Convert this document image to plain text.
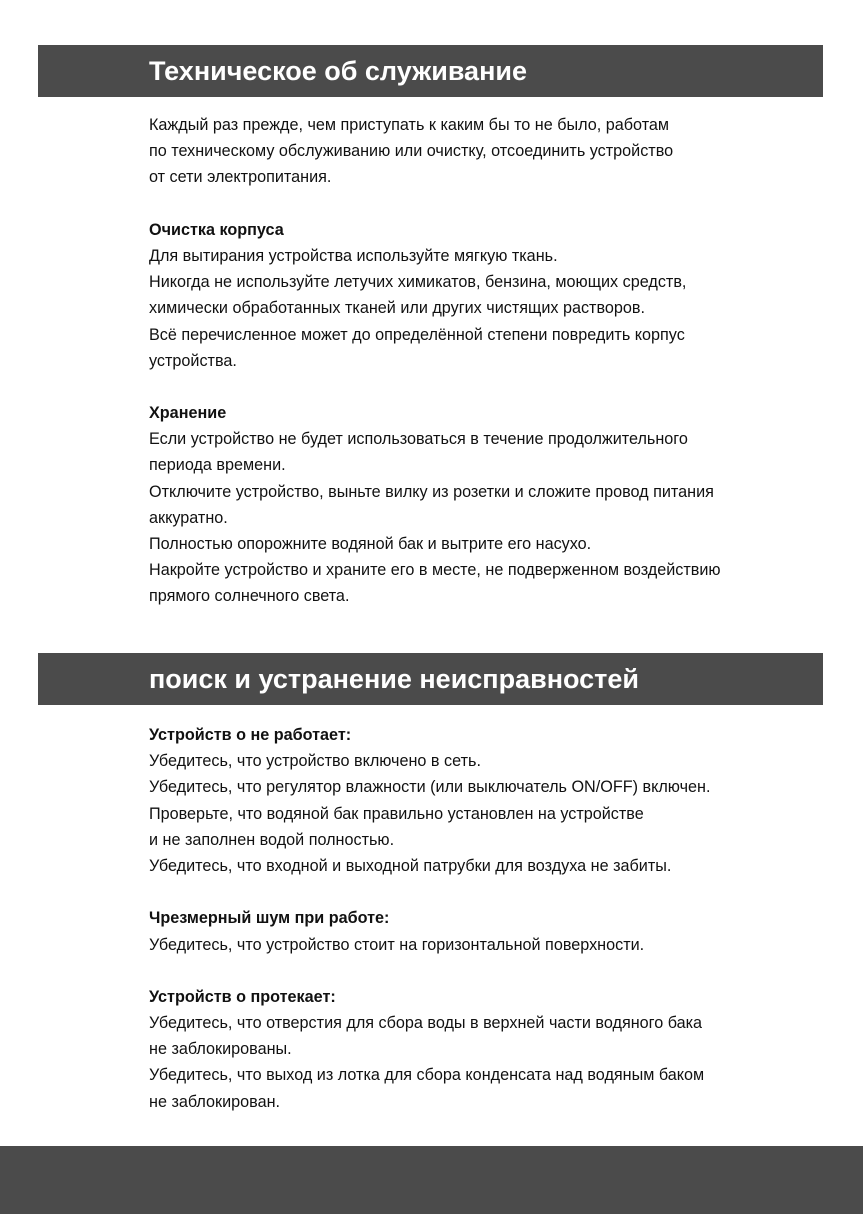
Техническое об служивание
Каждый раз прежде, чем приступать к каким бы то не было, работам
по техническому обслуживанию или очистку, отсоединить устройство
от сети электропитания.
Очистка корпуса
Для вытирания устройства используйте мягкую ткань.
Никогда не используйте летучих химикатов, бензина, моющих средств,
химически обработанных тканей или других чистящих растворов.
Всё перечисленное может до определённой степени повредить корпус
устройства.
Хранение
Если устройство не будет использоваться в течение продолжительного
периода времени.
Отключите устройство, выньте вилку из розетки и сложите провод питания
аккуратно.
Полностью опорожните водяной бак и вытрите его насухо.
Накройте устройство и храните его в месте, не подверженном воздействию
прямого солнечного света.
поиск и устранение неисправностей
Устройств о не работает:
Убедитесь, что устройство включено в сеть.
Убедитесь, что регулятор влажности (или выключатель ON/OFF) включен.
Проверьте, что водяной бак правильно установлен на устройстве
и не заполнен водой полностью.
Убедитесь, что входной и выходной патрубки для воздуха не забиты.
Чрезмерный шум при работе:
Убедитесь, что устройство стоит на горизонтальной поверхности.
Устройств о протекает:
Убедитесь, что отверстия для сбора воды в верхней части водяного бака
не заблокированы.
Убедитесь, что выход из лотка для сбора конденсата над водяным баком
не заблокирован.
